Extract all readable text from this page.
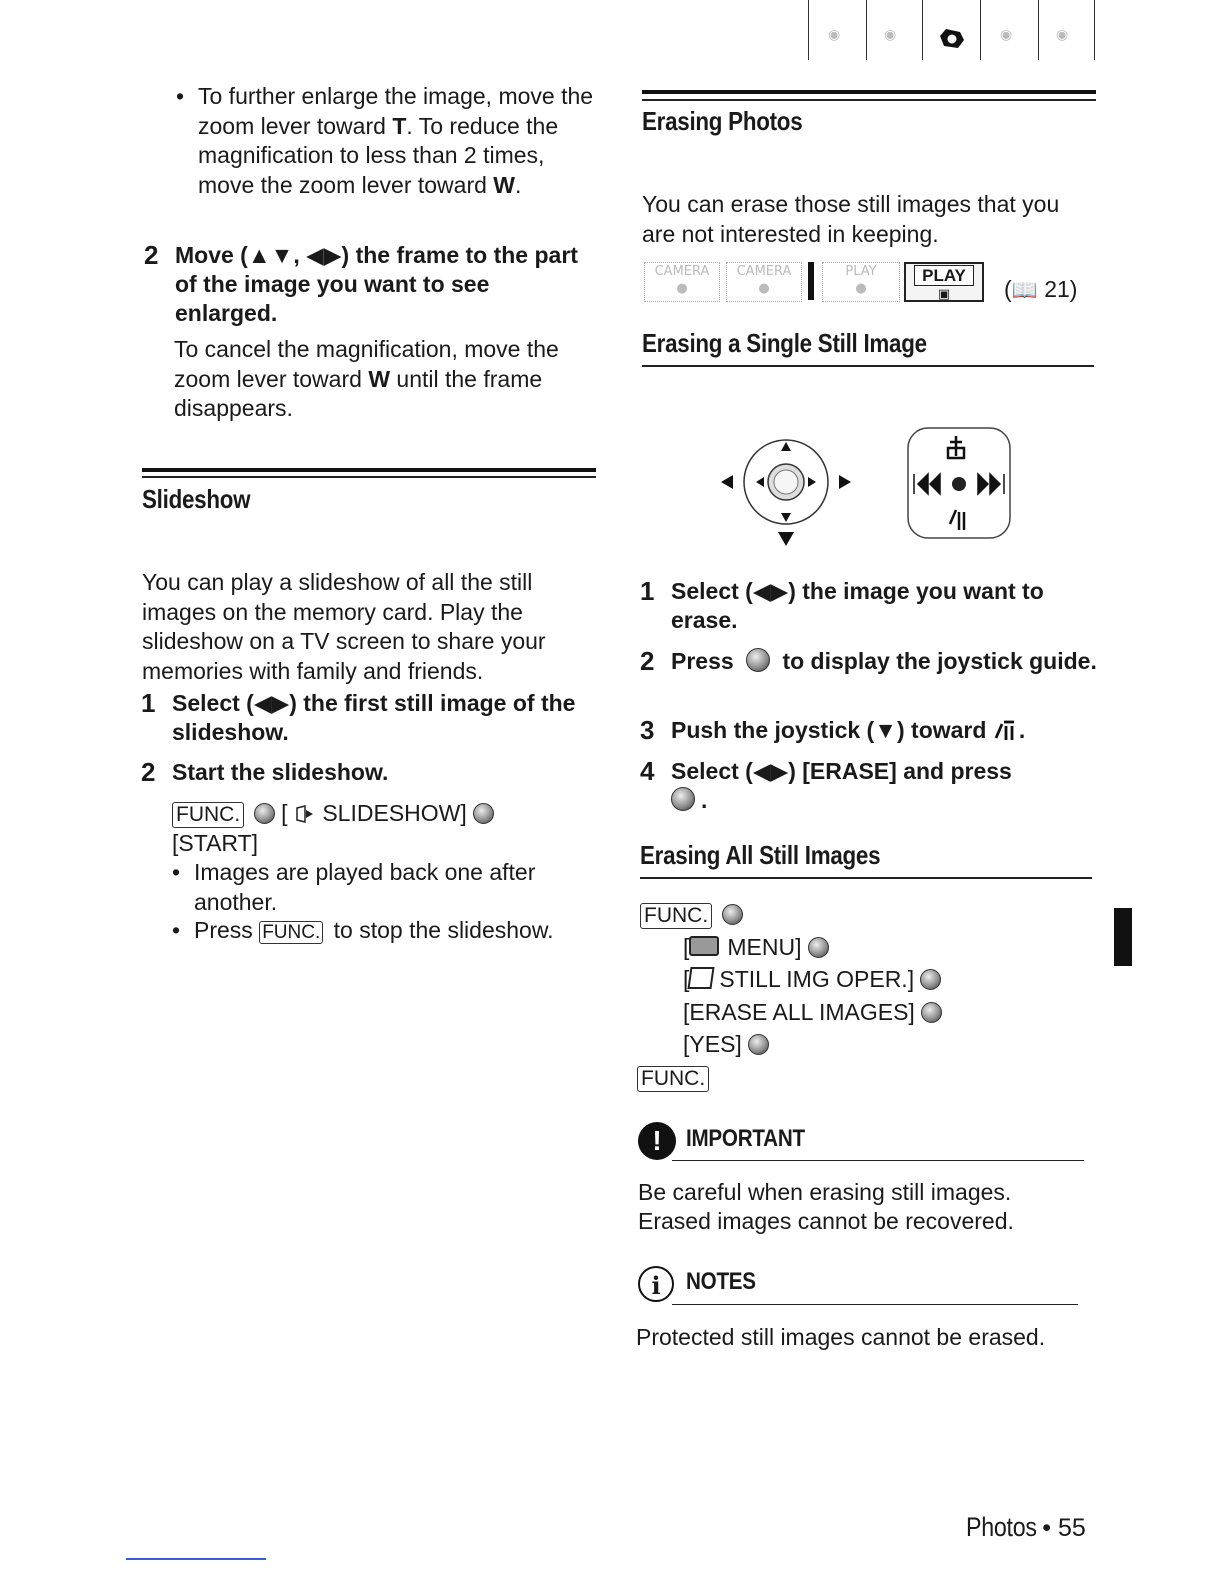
◉	◉	◉	◉
• To further enlarge the image, move the zoom lever toward T. To reduce the magnification to less than 2 times, move the zoom lever toward W.
2 Move (▲▼, ◀▶) the frame to the part of the image you want to see enlarged.
To cancel the magnification, move the zoom lever toward W until the frame disappears.
Slideshow
You can play a slideshow of all the still images on the memory card. Play the slideshow on a TV screen to share your memories with family and friends.
1 Select (◀▶) the first still image of the slideshow.
2 Start the slideshow.
FUNC. [ SLIDESHOW]
[START]
• Images are played back one after another.
• Press FUNC. to stop the slideshow.
Erasing Photos
You can erase those still images that you are not interested in keeping.
CAMERA
●
CAMERA
●
PLAY
●
PLAY
▣	(📖 21)
Erasing a Single Still Image
1 Select (◀▶) the image you want to erase.
2 Press  to display the joystick guide.
3 Push the joystick (▼) toward .
4 Select (◀▶) [ERASE] and press
.
Erasing All Still Images
FUNC.
[ MENU]
[ STILL IMG OPER.]
[ERASE ALL IMAGES]
[YES]
FUNC.
!	IMPORTANT
Be careful when erasing still images. Erased images cannot be recovered.
i	NOTES
Protected still images cannot be erased.
Photos • 55
